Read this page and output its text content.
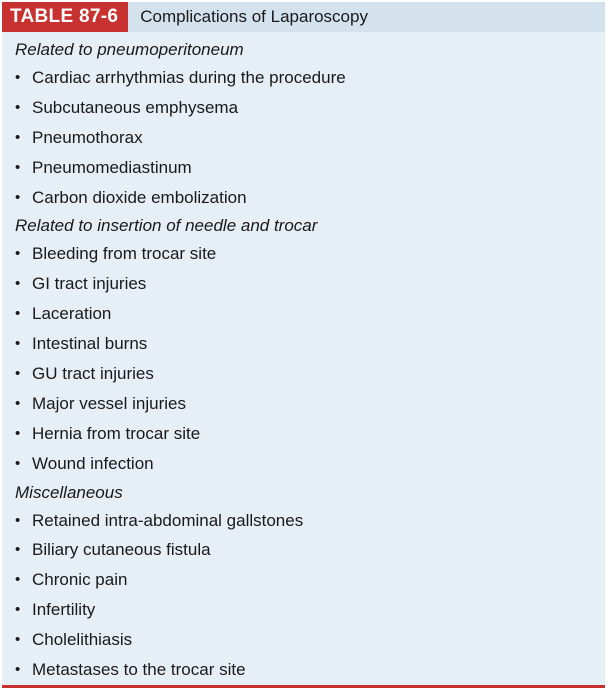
TABLE 87-6	Complications of Laparoscopy
Related to pneumoperitoneum
• Cardiac arrhythmias during the procedure
• Subcutaneous emphysema
• Pneumothorax
• Pneumomediastinum
• Carbon dioxide embolization
Related to insertion of needle and trocar
• Bleeding from trocar site
• GI tract injuries
• Laceration
• Intestinal burns
• GU tract injuries
• Major vessel injuries
• Hernia from trocar site
• Wound infection
Miscellaneous
• Retained intra-abdominal gallstones
• Biliary cutaneous fistula
• Chronic pain
• Infertility
• Cholelithiasis
• Metastases to the trocar site
